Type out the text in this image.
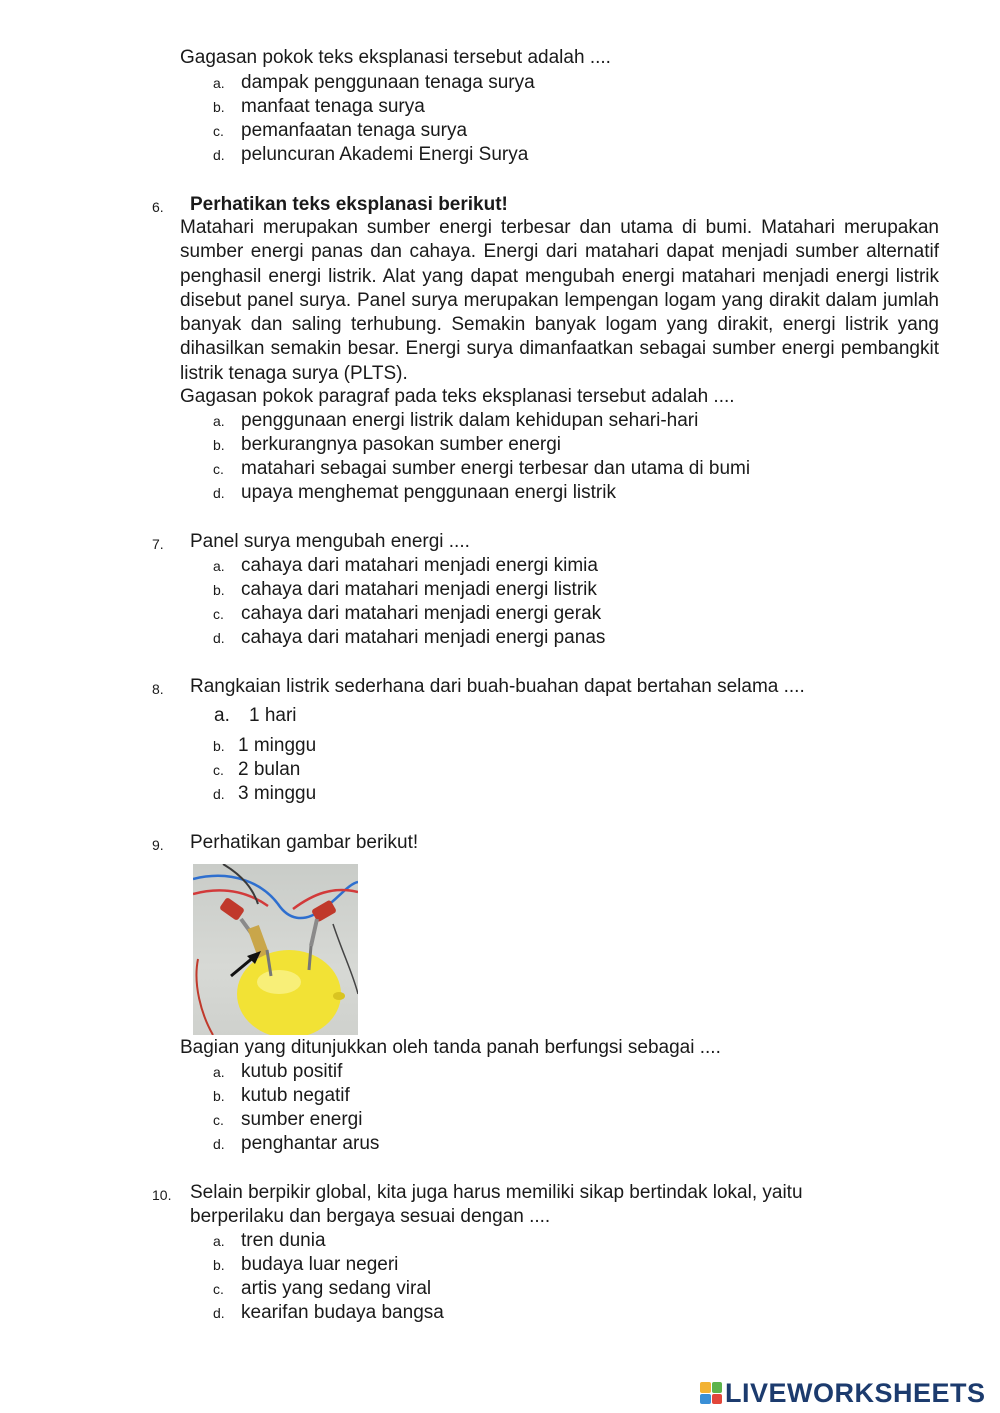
Gagasan pokok teks eksplanasi tersebut adalah ....
a. dampak penggunaan tenaga surya
b. manfaat tenaga surya
c. pemanfaatan tenaga surya
d. peluncuran Akademi Energi Surya
6. Perhatikan teks eksplanasi berikut!

Matahari merupakan sumber energi terbesar dan utama di bumi. Matahari merupakan sumber energi panas dan cahaya. Energi dari matahari dapat menjadi sumber alternatif penghasil energi listrik. Alat yang dapat mengubah energi matahari menjadi energi listrik disebut panel surya. Panel surya merupakan lempengan logam yang dirakit dalam jumlah banyak dan saling terhubung. Semakin banyak logam yang dirakit, energi listrik yang dihasilkan semakin besar. Energi surya dimanfaatkan sebagai sumber energi pembangkit listrik tenaga surya (PLTS).

Gagasan pokok paragraf pada teks eksplanasi tersebut adalah ....
a. penggunaan energi listrik dalam kehidupan sehari-hari
b. berkurangnya pasokan sumber energi
c. matahari sebagai sumber energi terbesar dan utama di bumi
d. upaya menghemat penggunaan energi listrik
7. Panel surya mengubah energi ....
a. cahaya dari matahari menjadi energi kimia
b. cahaya dari matahari menjadi energi listrik
c. cahaya dari matahari menjadi energi gerak
d. cahaya dari matahari menjadi energi panas
8. Rangkaian listrik sederhana dari buah-buahan dapat bertahan selama ....
a. 1 hari
b. 1 minggu
c. 2 bulan
d. 3 minggu
9. Perhatikan gambar berikut!
Bagian yang ditunjukkan oleh tanda panah berfungsi sebagai ....
a. kutub positif
b. kutub negatif
c. sumber energi
d. penghantar arus
10. Selain berpikir global, kita juga harus memiliki sikap bertindak lokal, yaitu
berperilaku dan bergaya sesuai dengan ....
a. tren dunia
b. budaya luar negeri
c. artis yang sedang viral
d. kearifan budaya bangsa
LIVEWORKSHEETS
